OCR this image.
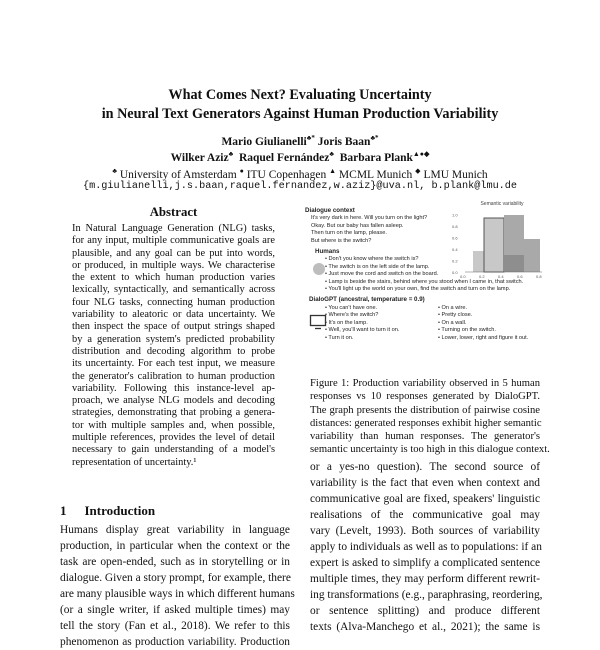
What Comes Next? Evaluating Uncertainty
in Neural Text Generators Against Human Production Variability
Mario Giulianelli♣* Joris Baan♣*
Wilker Aziz♣ Raquel Fernández♣ Barbara Plank▲●◆
♣ University of Amsterdam ● ITU Copenhagen ▲ MCML Munich ◆ LMU Munich
{m.giulianelli,j.s.baan,raquel.fernandez,w.aziz}@uva.nl, b.plank@lmu.de
Abstract
In Natural Language Generation (NLG) tasks,
for any input, multiple communicative goals are
plausible, and any goal can be put into words,
or produced, in multiple ways. We characterise
the extent to which human production varies
lexically, syntactically, and semantically across
four NLG tasks, connecting human production
variability to aleatoric or data uncertainty. We
then inspect the space of output strings shaped
by a generation system's predicted probability
distribution and decoding algorithm to probe
its uncertainty. For each test input, we measure
the generator's calibration to human production
variability. Following this instance-level ap-
proach, we analyse NLG models and decoding
strategies, demonstrating that probing a genera-
tor with multiple samples and, when possible,
multiple references, provides the level of detail
necessary to gain understanding of a model's
representation of uncertainty.¹
1 Introduction
Humans display great variability in language
production, in particular when the context or the
task are open-ended, such as in storytelling or in
dialogue. Given a story prompt, for example, there
are many plausible ways in which different humans
(or a single writer, if asked multiple times) may
tell the story (Fan et al., 2018). We refer to this
phenomenon as production variability. Production
or a yes-no question). The second source of
variability is the fact that even when context and
communicative goal are fixed, speakers' linguistic
realisations of the communicative goal may
vary (Levelt, 1993). Both sources of variability
apply to individuals as well as to populations: if an
expert is asked to simplify a complicated sentence
multiple times, they may perform different rewrit-
ing transformations (e.g., paraphrasing, reordering,
or sentence splitting) and produce different
texts (Alva-Manchego et al., 2021); the same is
Dialogue context
It's very dark in here. Will you turn on the light?
Okay. But our baby has fallen asleep.
Then turn on the lamp, please.
But where is the switch?
Humans
• Don't you know where the switch is?
• The switch is on the left side of the lamp.
• Just move the cord and switch on the board.
• Lamp is beside the stairs, behind where you stood when I came in, that switch.
• You'll light up the world on your own, find the switch and turn on the lamp.
DialoGPT (ancestral, temperature = 0.9)
• You can't have one.
• Where's the switch?
• It's on the lamp.
• Well, you'll want to turn it on.
• Turn it on.
• On a wire.
• Pretty close.
• On a wall.
• Turning on the switch.
• Lower, lower, right and figure it out.
Semantic variability
0.0
0.2
0.4
0.6
0.8
1.0
0.0	0.2	0.4	0.6	0.8
Figure 1: Production variability observed in 5 human
responses vs 10 responses generated by DialoGPT.
The graph presents the distribution of pairwise cosine
distances: generated responses exhibit higher semantic
variability than human responses. The generator's
semantic uncertainty is too high in this dialogue context.
